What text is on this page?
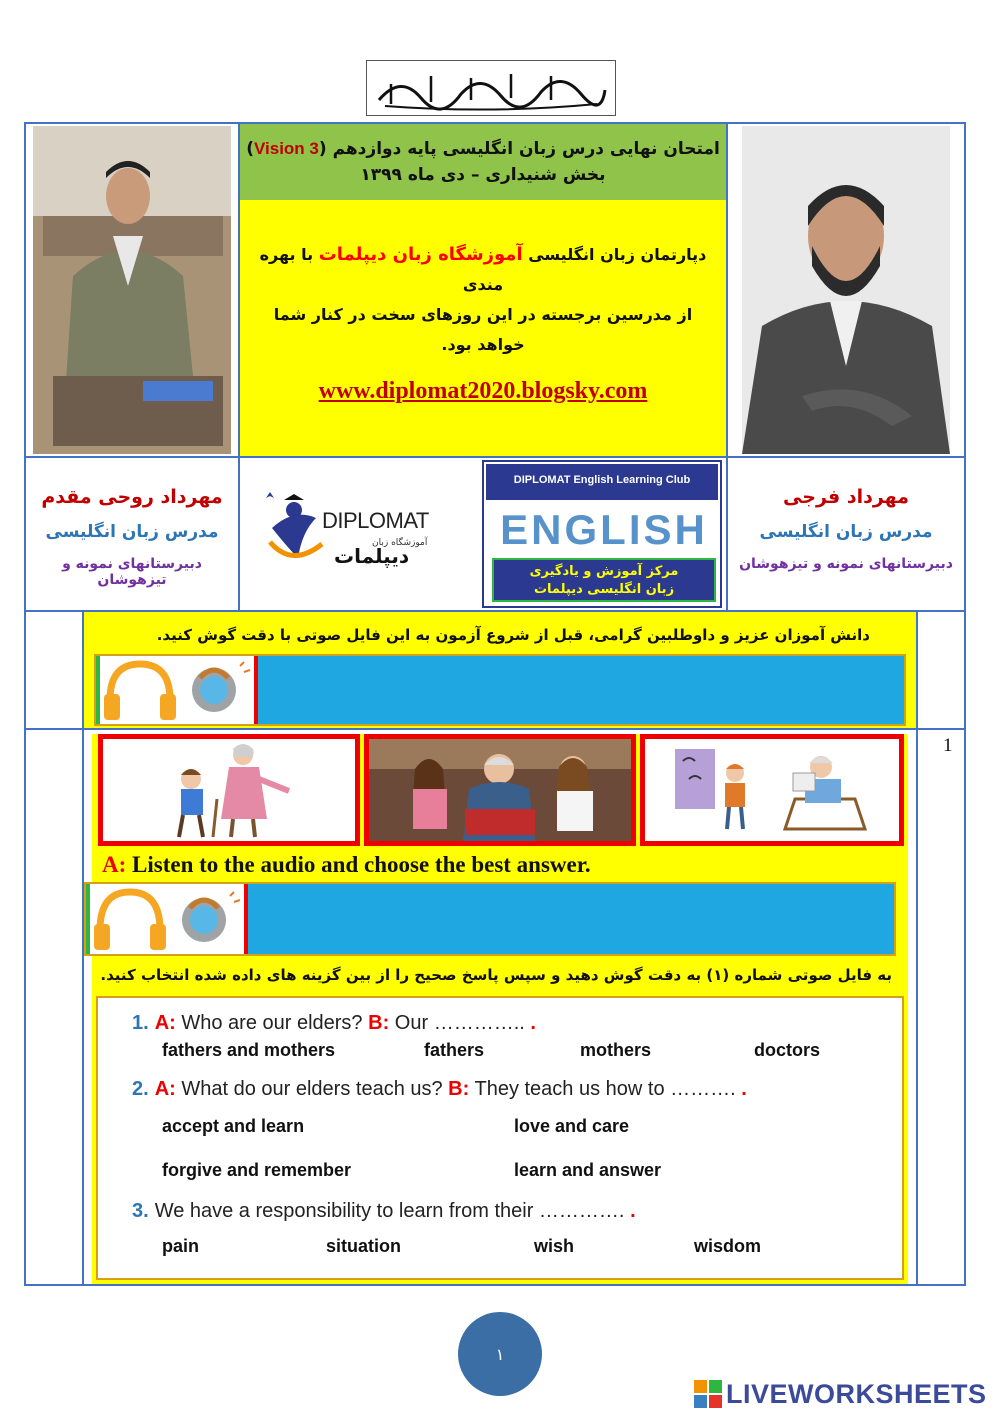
امتحان نهایی درس زبان انگلیسی پایه دوازدهم (Vision 3)
بخش شنیداری – دی ماه ۱۳۹۹
دپارتمان زبان انگلیسی آموزشگاه زبان دیپلمات با بهره مندی
از مدرسین برجسته در این روزهای سخت در کنار شما خواهد بود.
www.diplomat2020.blogsky.com
مهرداد روحی مقدم
مدرس زبان انگلیسی
دبیرستانهای نمونه و تیزهوشان
مهرداد فرجی
مدرس زبان انگلیسی
دبیرستانهای نمونه و تیزهوشان
DIPLOMAT
آموزشگاه زبان
دیپلمات
DIPLOMAT English Learning Club
ENGLISH
مرکز آموزش و یادگیری
زبان انگلیسی دیپلمات
دانش آموزان عزیز و داوطلبین گرامی، قبل از شروع آزمون به این فایل صوتی با دقت گوش کنید.
1
A: Listen to the audio and choose the best answer.
به فایل صوتی شماره (۱) به دقت گوش دهید و سپس پاسخ صحیح را از بین گزینه های داده شده انتخاب کنید.
1. A: Who are our elders? B: Our ………….. .
fathers and mothers	fathers	mothers	doctors
2. A: What do our elders teach us? B: They teach us how to ………. .
accept and learn	love and care
forgive and remember	learn and answer
3. We have a responsibility to learn from their …………. .
pain	situation	wish	wisdom
١
LIVEWORKSHEETS
